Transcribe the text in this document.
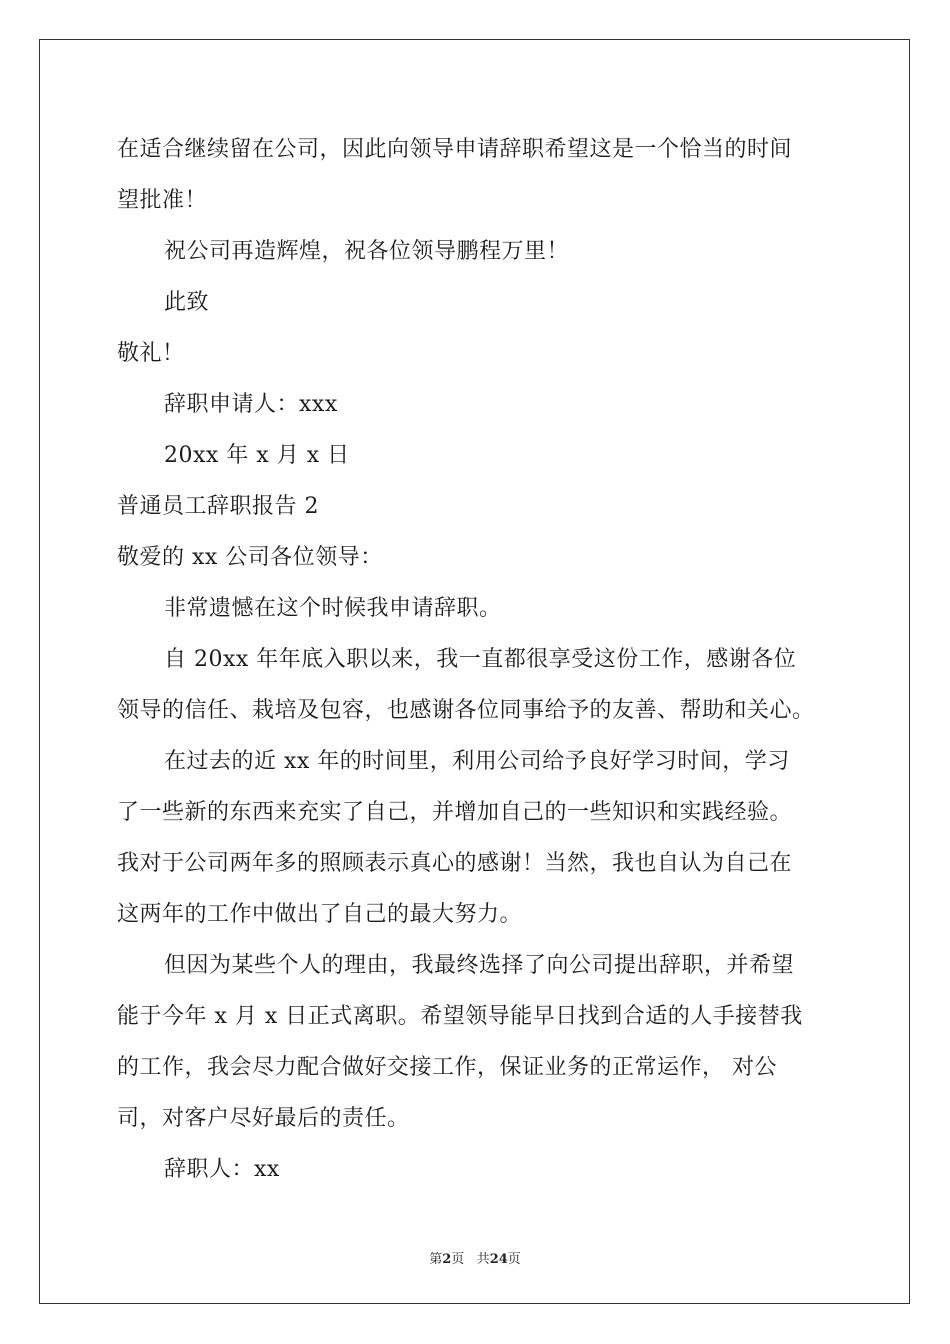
在适合继续留在公司，因此向领导申请辞职希望这是一个恰当的时间
望批准！
祝公司再造辉煌，祝各位领导鹏程万里！
此致
敬礼！
辞职申请人：xxx
20xx 年 x 月 x 日
普通员工辞职报告 2
敬爱的 xx 公司各位领导：
非常遗憾在这个时候我申请辞职。
自 20xx 年年底入职以来，我一直都很享受这份工作，感谢各位
领导的信任、栽培及包容，也感谢各位同事给予的友善、帮助和关心。
在过去的近 xx 年的时间里，利用公司给予良好学习时间，学习
了一些新的东西来充实了自己，并增加自己的一些知识和实践经验。
我对于公司两年多的照顾表示真心的感谢！当然，我也自认为自己在
这两年的工作中做出了自己的最大努力。
但因为某些个人的理由，我最终选择了向公司提出辞职，并希望
能于今年 x 月 x 日正式离职。希望领导能早日找到合适的人手接替我
的工作，我会尽力配合做好交接工作，保证业务的正常运作， 对公
司，对客户尽好最后的责任。
辞职人：xx
第2页 共24页
